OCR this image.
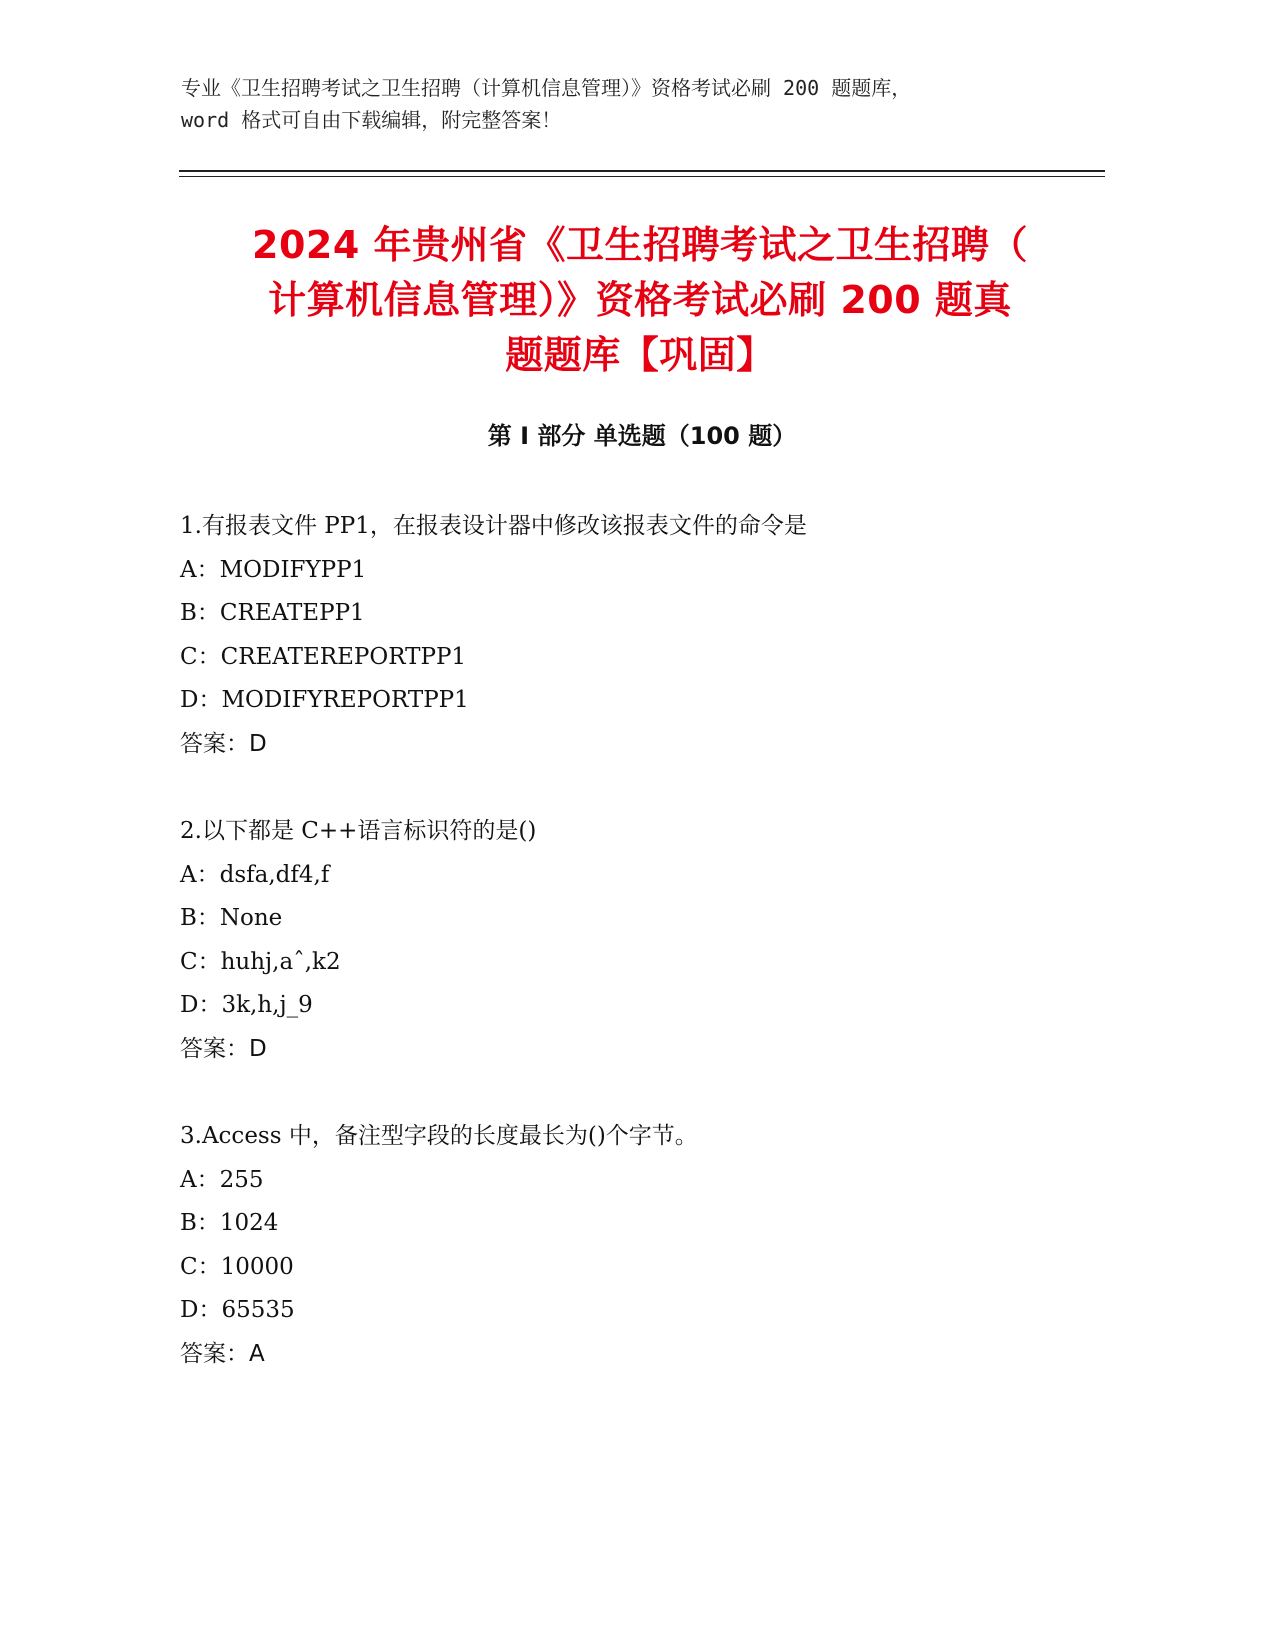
专业《卫生招聘考试之卫生招聘（计算机信息管理）》资格考试必刷 200 题题库，
word 格式可自由下载编辑，附完整答案！
2024 年贵州省《卫生招聘考试之卫生招聘（
计算机信息管理）》资格考试必刷 200 题真
题题库【巩固】
第 I 部分 单选题（100 题）
1.有报表文件 PP1，在报表设计器中修改该报表文件的命令是
A：MODIFYPP1
B：CREATEPP1
C：CREATEREPORTPP1
D：MODIFYREPORTPP1
答案：D
2.以下都是 C++语言标识符的是()
A：dsfa,df4,f
B：None
C：huhj,aˆ,k2
D：3k,h,j_9
答案：D
3.Access 中，备注型字段的长度最长为()个字节。
A：255
B：1024
C：10000
D：65535
答案：A
